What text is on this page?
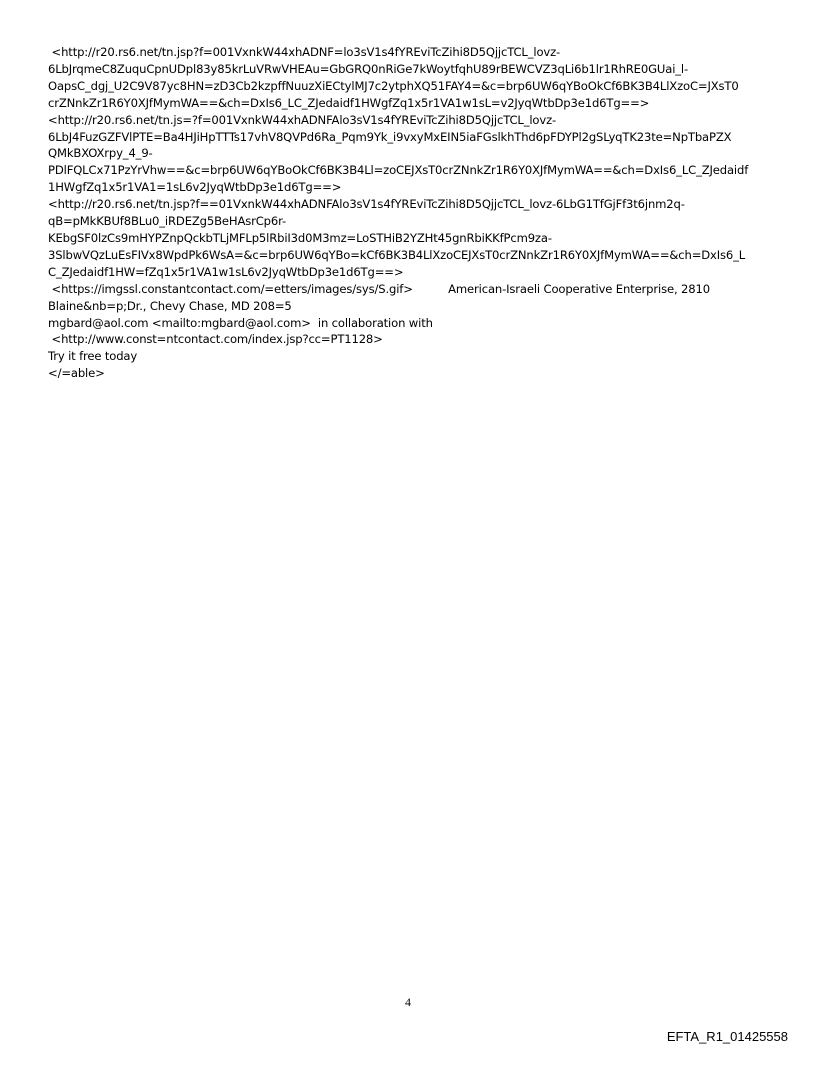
<http://r20.rs6.net/tn.jsp?f=001VxnkW44xhADNF=lo3sV1s4fYREviTcZihi8D5QjjcTCL_lovz-
6LbJrqmeC8ZuquCpnUDpl83y85krLuVRwVHEAu=GbGRQ0nRiGe7kWoytfqhU89rBEWCVZ3qLi6b1lr1RhRE0GUai_l-
OapsC_dgj_U2C9V87yc8HN=zD3Cb2kzpffNuuzXiECtylMJ7c2ytphXQ51FAY4=&c=brp6UW6qYBoOkCf6BK3B4LlXzoC=JXsT0
crZNnkZr1R6Y0XJfMymWA==&ch=DxIs6_LC_ZJedaidf1HWgfZq1x5r1VA1w1sL=v2JyqWtbDp3e1d6Tg==>
<http://r20.rs6.net/tn.js=?f=001VxnkW44xhADNFAlo3sV1s4fYREviTcZihi8D5QjjcTCL_lovz-
6LbJ4FuzGZFVlPTE=Ba4HJiHpTTTs17vhV8QVPd6Ra_Pqm9Yk_i9vxyMxEIN5iaFGslkhThd6pFDYPl2gSLyqTK23te=NpTbaPZX
QMkBXOXrpy_4_9-
PDlFQLCx71PzYrVhw==&c=brp6UW6qYBoOkCf6BK3B4Ll=zoCEJXsT0crZNnkZr1R6Y0XJfMymWA==&ch=DxIs6_LC_ZJedaidf
1HWgfZq1x5r1VA1=1sL6v2JyqWtbDp3e1d6Tg==>
<http://r20.rs6.net/tn.jsp?f==01VxnkW44xhADNFAlo3sV1s4fYREviTcZihi8D5QjjcTCL_lovz-6LbG1TfGjFf3t6jnm2q-
qB=pMkKBUf8BLu0_iRDEZg5BeHAsrCp6r-
KEbgSF0lzCs9mHYPZnpQckbTLjMFLp5lRbiI3d0M3mz=LoSTHiB2YZHt45gnRbiKKfPcm9za-
3SlbwVQzLuEsFIVx8WpdPk6WsA=&c=brp6UW6qYBo=kCf6BK3B4LlXzoCEJXsT0crZNnkZr1R6Y0XJfMymWA==&ch=DxIs6_L
C_ZJedaidf1HW=fZq1x5r1VA1w1sL6v2JyqWtbDp3e1d6Tg==>
<https://imgssl.constantcontact.com/=etters/images/sys/S.gif>          American-Israeli Cooperative Enterprise, 2810
Blaine&nb=p;Dr., Chevy Chase, MD 208=5
mgbard@aol.com <mailto:mgbard@aol.com>  in collaboration with
<http://www.const=ntcontact.com/index.jsp?cc=PT1128>
Try it free today
</=able>
4
EFTA_R1_01425558
